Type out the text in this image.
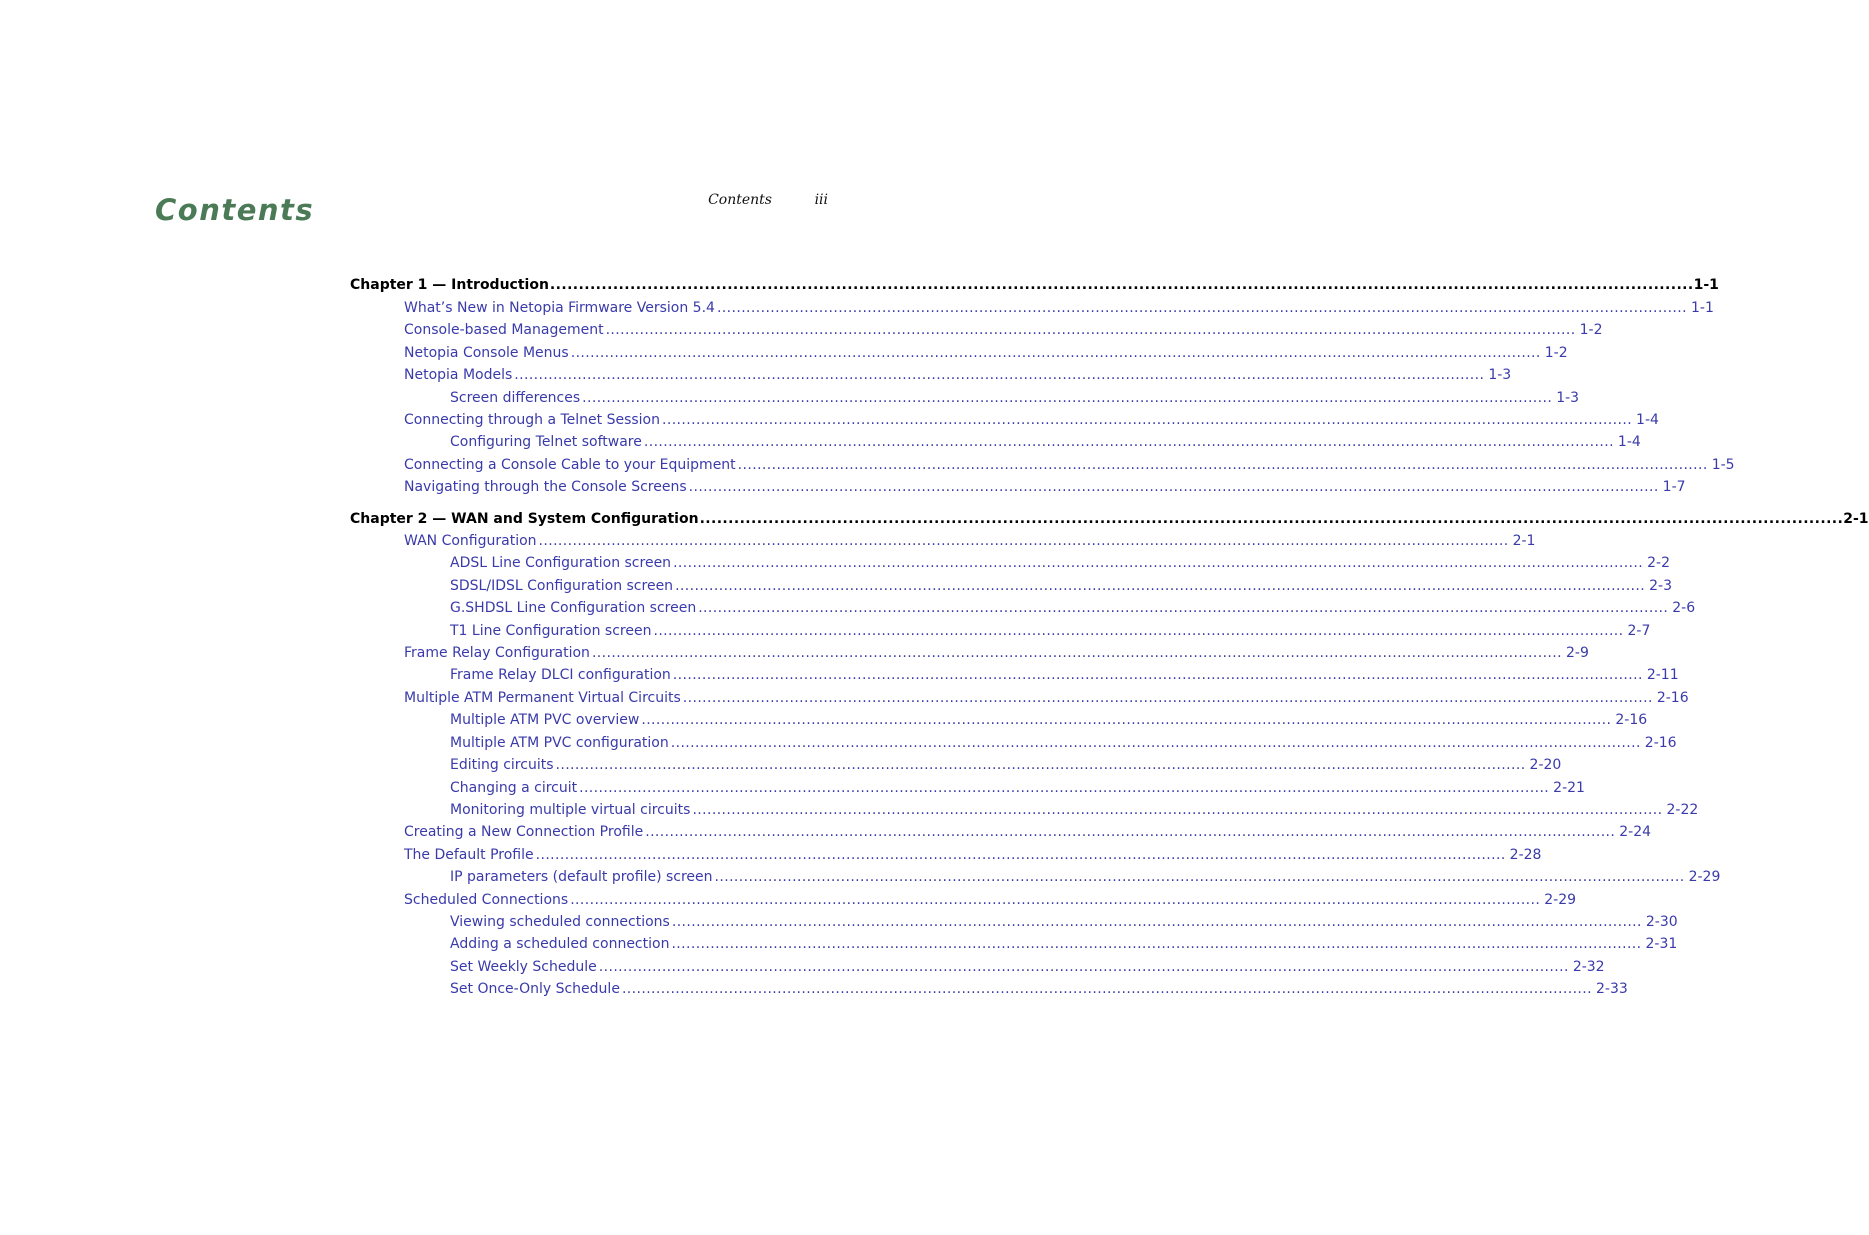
Contents	Contents	iii
Chapter 1 — Introduction ........................................................................................................................................................................................................ 1-1
What’s New in Netopia Firmware Version 5.4 ........................................................................................................................................................................................................ 1-1
Console-based Management ........................................................................................................................................................................................................ 1-2
Netopia Console Menus ........................................................................................................................................................................................................ 1-2
Netopia Models ........................................................................................................................................................................................................ 1-3
Screen differences ........................................................................................................................................................................................................ 1-3
Connecting through a Telnet Session ........................................................................................................................................................................................................ 1-4
Configuring Telnet software ........................................................................................................................................................................................................ 1-4
Connecting a Console Cable to your Equipment ........................................................................................................................................................................................................ 1-5
Navigating through the Console Screens ........................................................................................................................................................................................................ 1-7
Chapter 2 — WAN and System Configuration ........................................................................................................................................................................................................ 2-1
WAN Configuration ........................................................................................................................................................................................................ 2-1
ADSL Line Configuration screen ........................................................................................................................................................................................................ 2-2
SDSL/IDSL Configuration screen ........................................................................................................................................................................................................ 2-3
G.SHDSL Line Configuration screen ........................................................................................................................................................................................................ 2-6
T1 Line Configuration screen ........................................................................................................................................................................................................ 2-7
Frame Relay Configuration ........................................................................................................................................................................................................ 2-9
Frame Relay DLCI configuration ........................................................................................................................................................................................................ 2-11
Multiple ATM Permanent Virtual Circuits ........................................................................................................................................................................................................ 2-16
Multiple ATM PVC overview ........................................................................................................................................................................................................ 2-16
Multiple ATM PVC configuration ........................................................................................................................................................................................................ 2-16
Editing circuits ........................................................................................................................................................................................................ 2-20
Changing a circuit ........................................................................................................................................................................................................ 2-21
Monitoring multiple virtual circuits ........................................................................................................................................................................................................ 2-22
Creating a New Connection Profile ........................................................................................................................................................................................................ 2-24
The Default Profile ........................................................................................................................................................................................................ 2-28
IP parameters (default profile) screen ........................................................................................................................................................................................................ 2-29
Scheduled Connections ........................................................................................................................................................................................................ 2-29
Viewing scheduled connections ........................................................................................................................................................................................................ 2-30
Adding a scheduled connection ........................................................................................................................................................................................................ 2-31
Set Weekly Schedule ........................................................................................................................................................................................................ 2-32
Set Once-Only Schedule ........................................................................................................................................................................................................ 2-33
